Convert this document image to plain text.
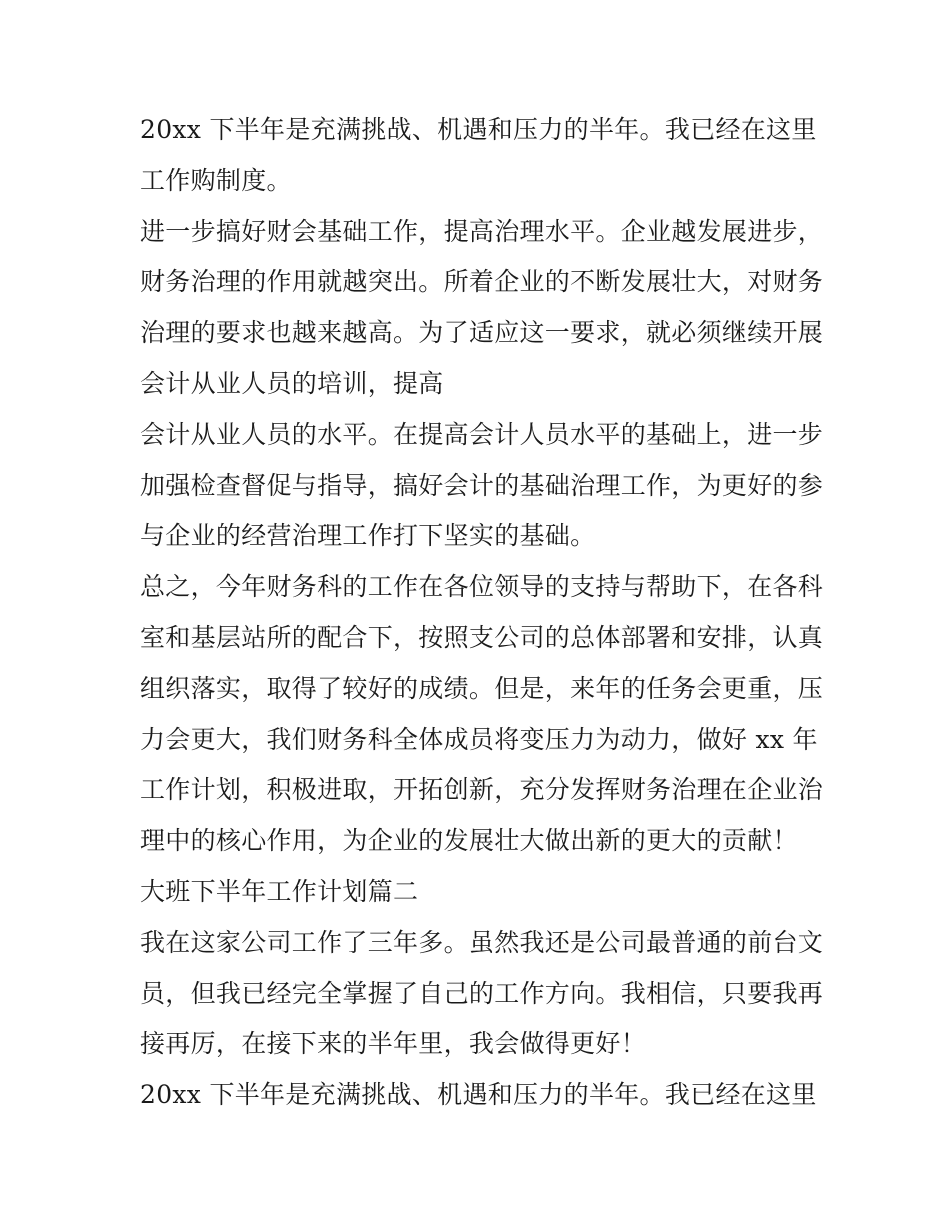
20xx 下半年是充满挑战、机遇和压力的半年。我已经在这里
工作购制度。
进一步搞好财会基础工作，提高治理水平。企业越发展进步，
财务治理的作用就越突出。所着企业的不断发展壮大，对财务
治理的要求也越来越高。为了适应这一要求，就必须继续开展
会计从业人员的培训，提高
会计从业人员的水平。在提高会计人员水平的基础上，进一步
加强检查督促与指导，搞好会计的基础治理工作，为更好的参
与企业的经营治理工作打下坚实的基础。
总之，今年财务科的工作在各位领导的支持与帮助下，在各科
室和基层站所的配合下，按照支公司的总体部署和安排，认真
组织落实，取得了较好的成绩。但是，来年的任务会更重，压
力会更大，我们财务科全体成员将变压力为动力，做好 xx 年
工作计划，积极进取，开拓创新，充分发挥财务治理在企业治
理中的核心作用，为企业的发展壮大做出新的更大的贡献！
大班下半年工作计划篇二
我在这家公司工作了三年多。虽然我还是公司最普通的前台文
员，但我已经完全掌握了自己的工作方向。我相信，只要我再
接再厉，在接下来的半年里，我会做得更好！
20xx 下半年是充满挑战、机遇和压力的半年。我已经在这里
